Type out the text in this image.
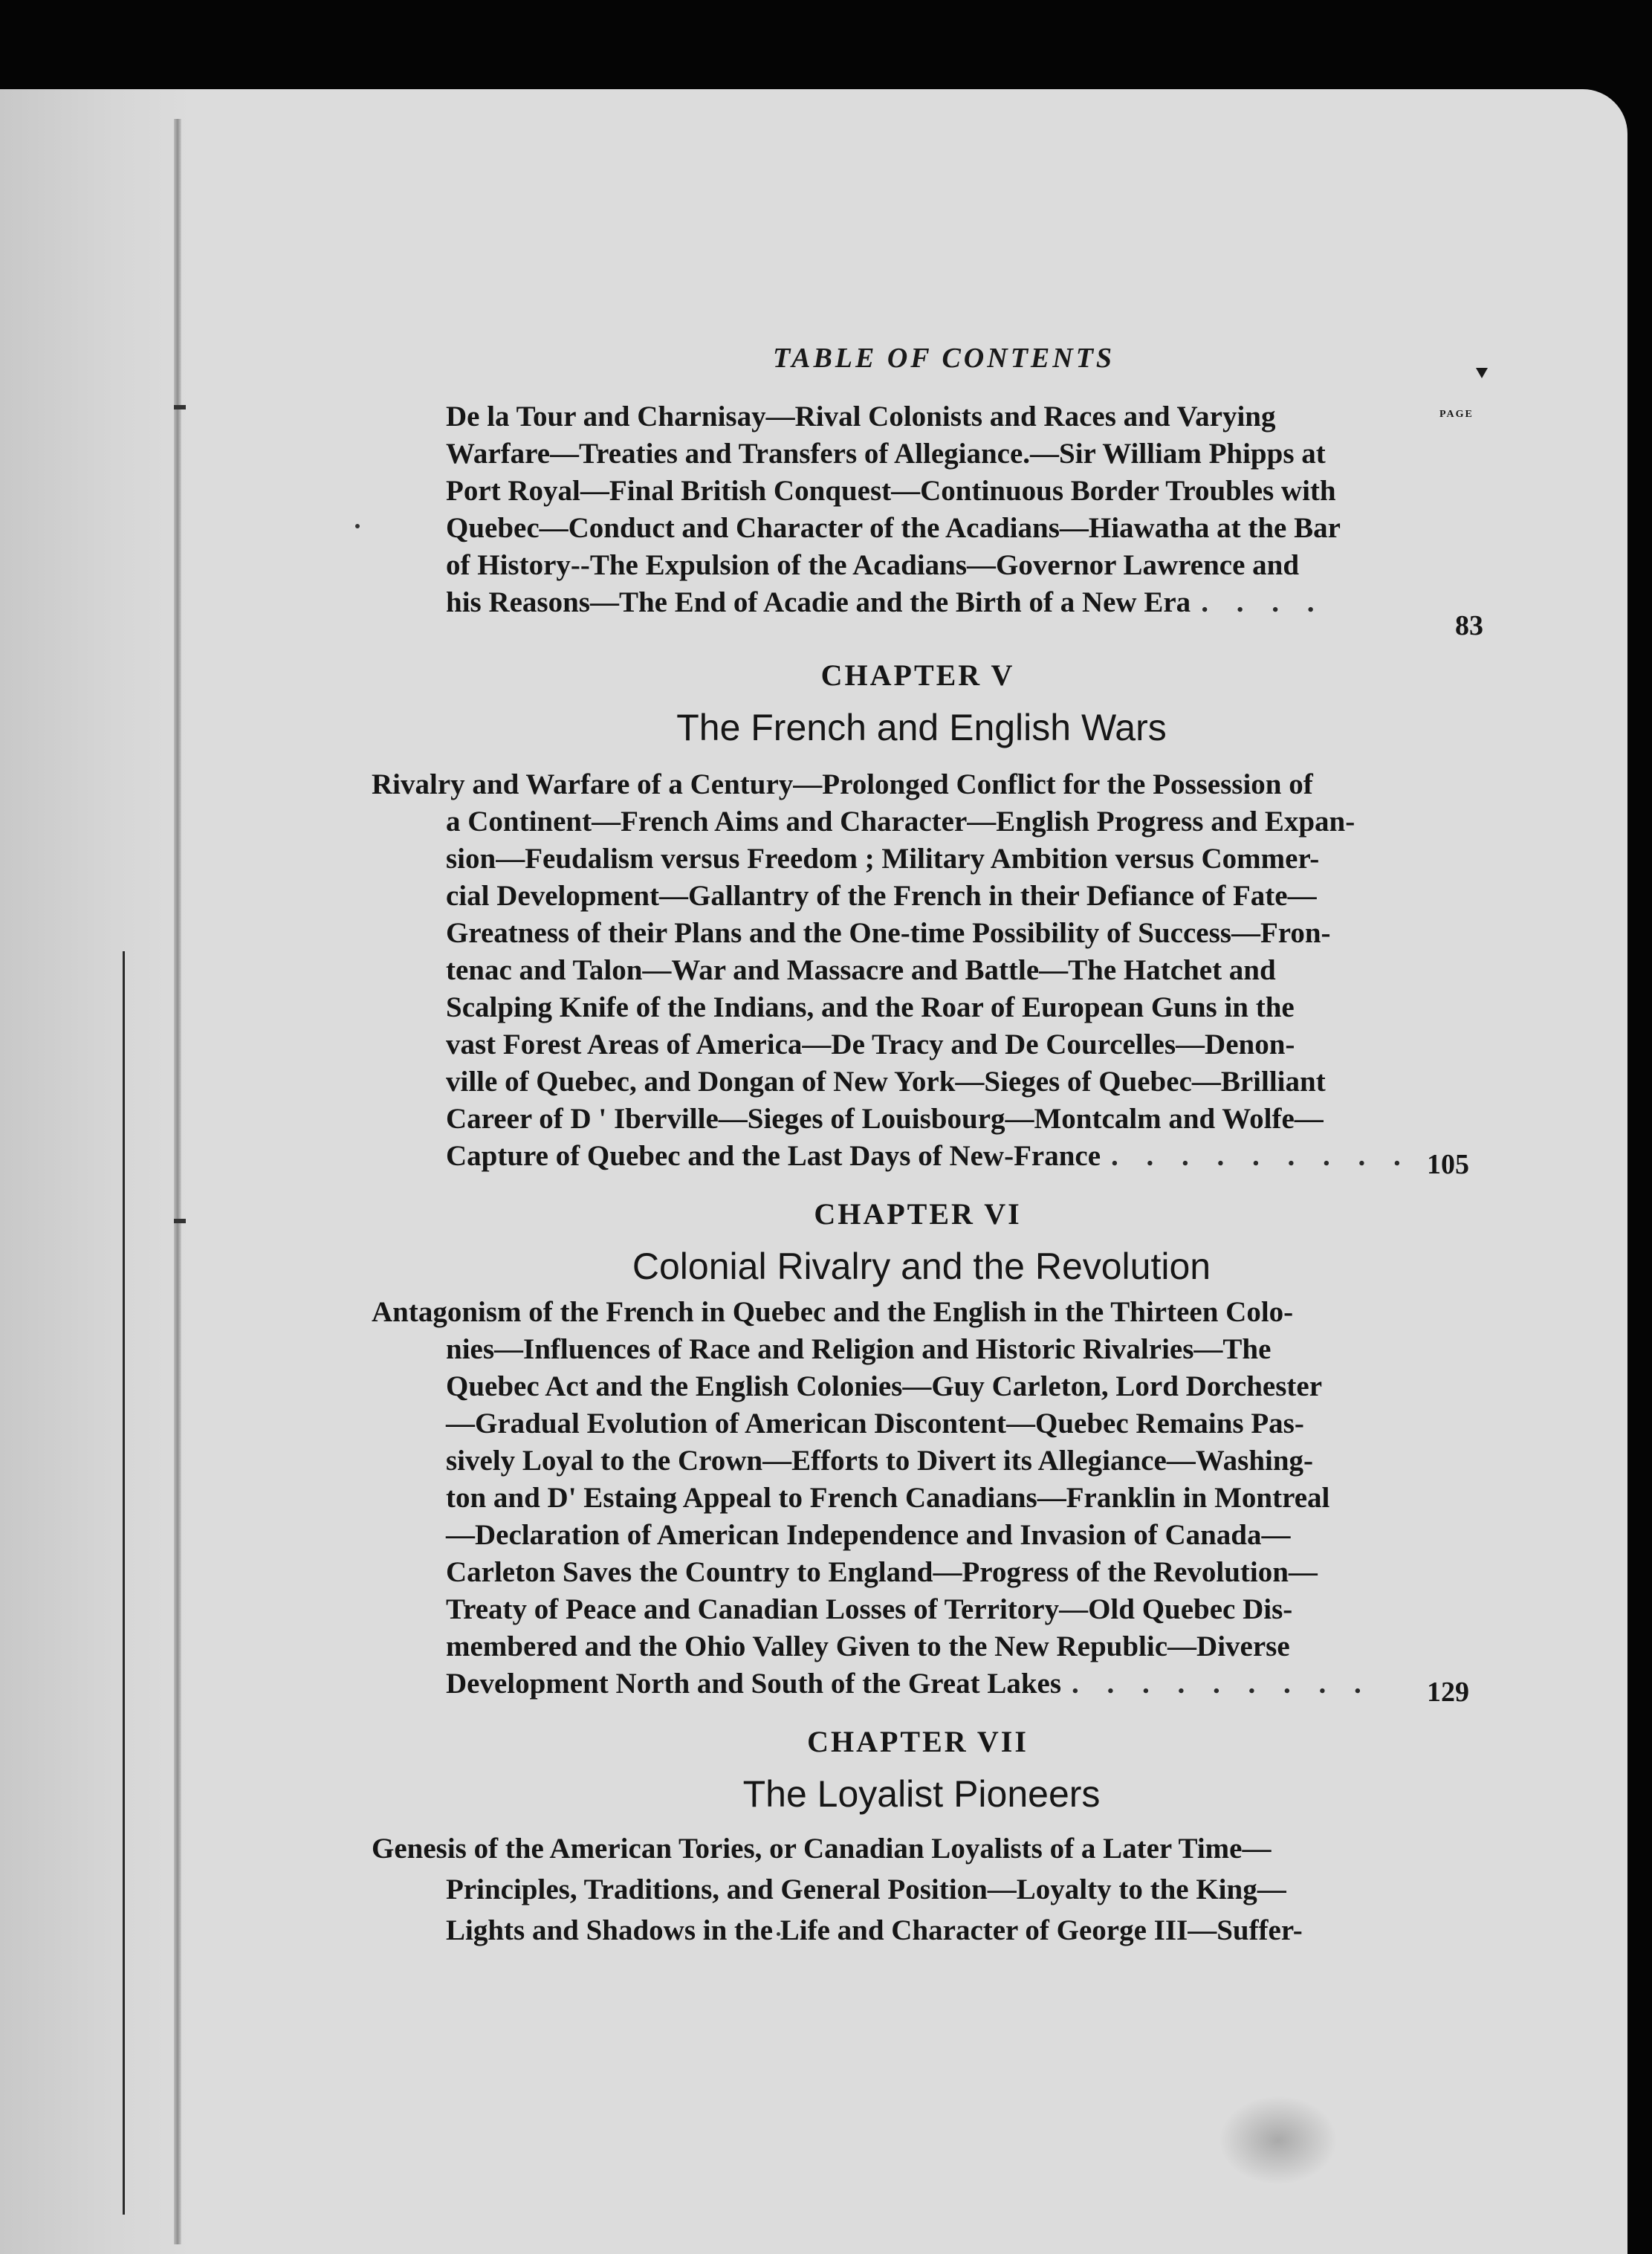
TABLE OF CONTENTS
PAGE
De la Tour and Charnisay—Rival Colonists and Races and Varying
Warfare—Treaties and Transfers of Allegiance.—Sir William Phipps at
Port Royal—Final British Conquest—Continuous Border Troubles with
Quebec—Conduct and Character of the Acadians—Hiawatha at the Bar
of History--The Expulsion of the Acadians—Governor Lawrence and
his Reasons—The End of Acadie and the Birth of a New Era . . . .
83
CHAPTER V
The French and English Wars
Rivalry and Warfare of a Century—Prolonged Conflict for the Possession of
a Continent—French Aims and Character—English Progress and Expan-
sion—Feudalism versus Freedom ; Military Ambition versus Commer-
cial Development—Gallantry of the French in their Defiance of Fate—
Greatness of their Plans and the One-time Possibility of Success—Fron-
tenac and Talon—War and Massacre and Battle—The Hatchet and
Scalping Knife of the Indians, and the Roar of European Guns in the
vast Forest Areas of America—De Tracy and De Courcelles—Denon-
ville of Quebec, and Dongan of New York—Sieges of Quebec—Brilliant
Career of D ' Iberville—Sieges of Louisbourg—Montcalm and Wolfe—
Capture of Quebec and the Last Days of New-France . . . . . . . . . 105
CHAPTER VI
Colonial Rivalry and the Revolution
Antagonism of the French in Quebec and the English in the Thirteen Colo-
nies—Influences of Race and Religion and Historic Rivalries—The
Quebec Act and the English Colonies—Guy Carleton, Lord Dorchester
—Gradual Evolution of American Discontent—Quebec Remains Pas-
sively Loyal to the Crown—Efforts to Divert its Allegiance—Washing-
ton and D' Estaing Appeal to French Canadians—Franklin in Montreal
—Declaration of American Independence and Invasion of Canada—
Carleton Saves the Country to England—Progress of the Revolution—
Treaty of Peace and Canadian Losses of Territory—Old Quebec Dis-
membered and the Ohio Valley Given to the New Republic—Diverse
Development North and South of the Great Lakes . . . . . . . . .	129
CHAPTER VII
The Loyalist Pioneers
Genesis of the American Tories, or Canadian Loyalists of a Later Time—
Principles, Traditions, and General Position—Loyalty to the King—
Lights and Shadows in the Life and Character of George III—Suffer-
